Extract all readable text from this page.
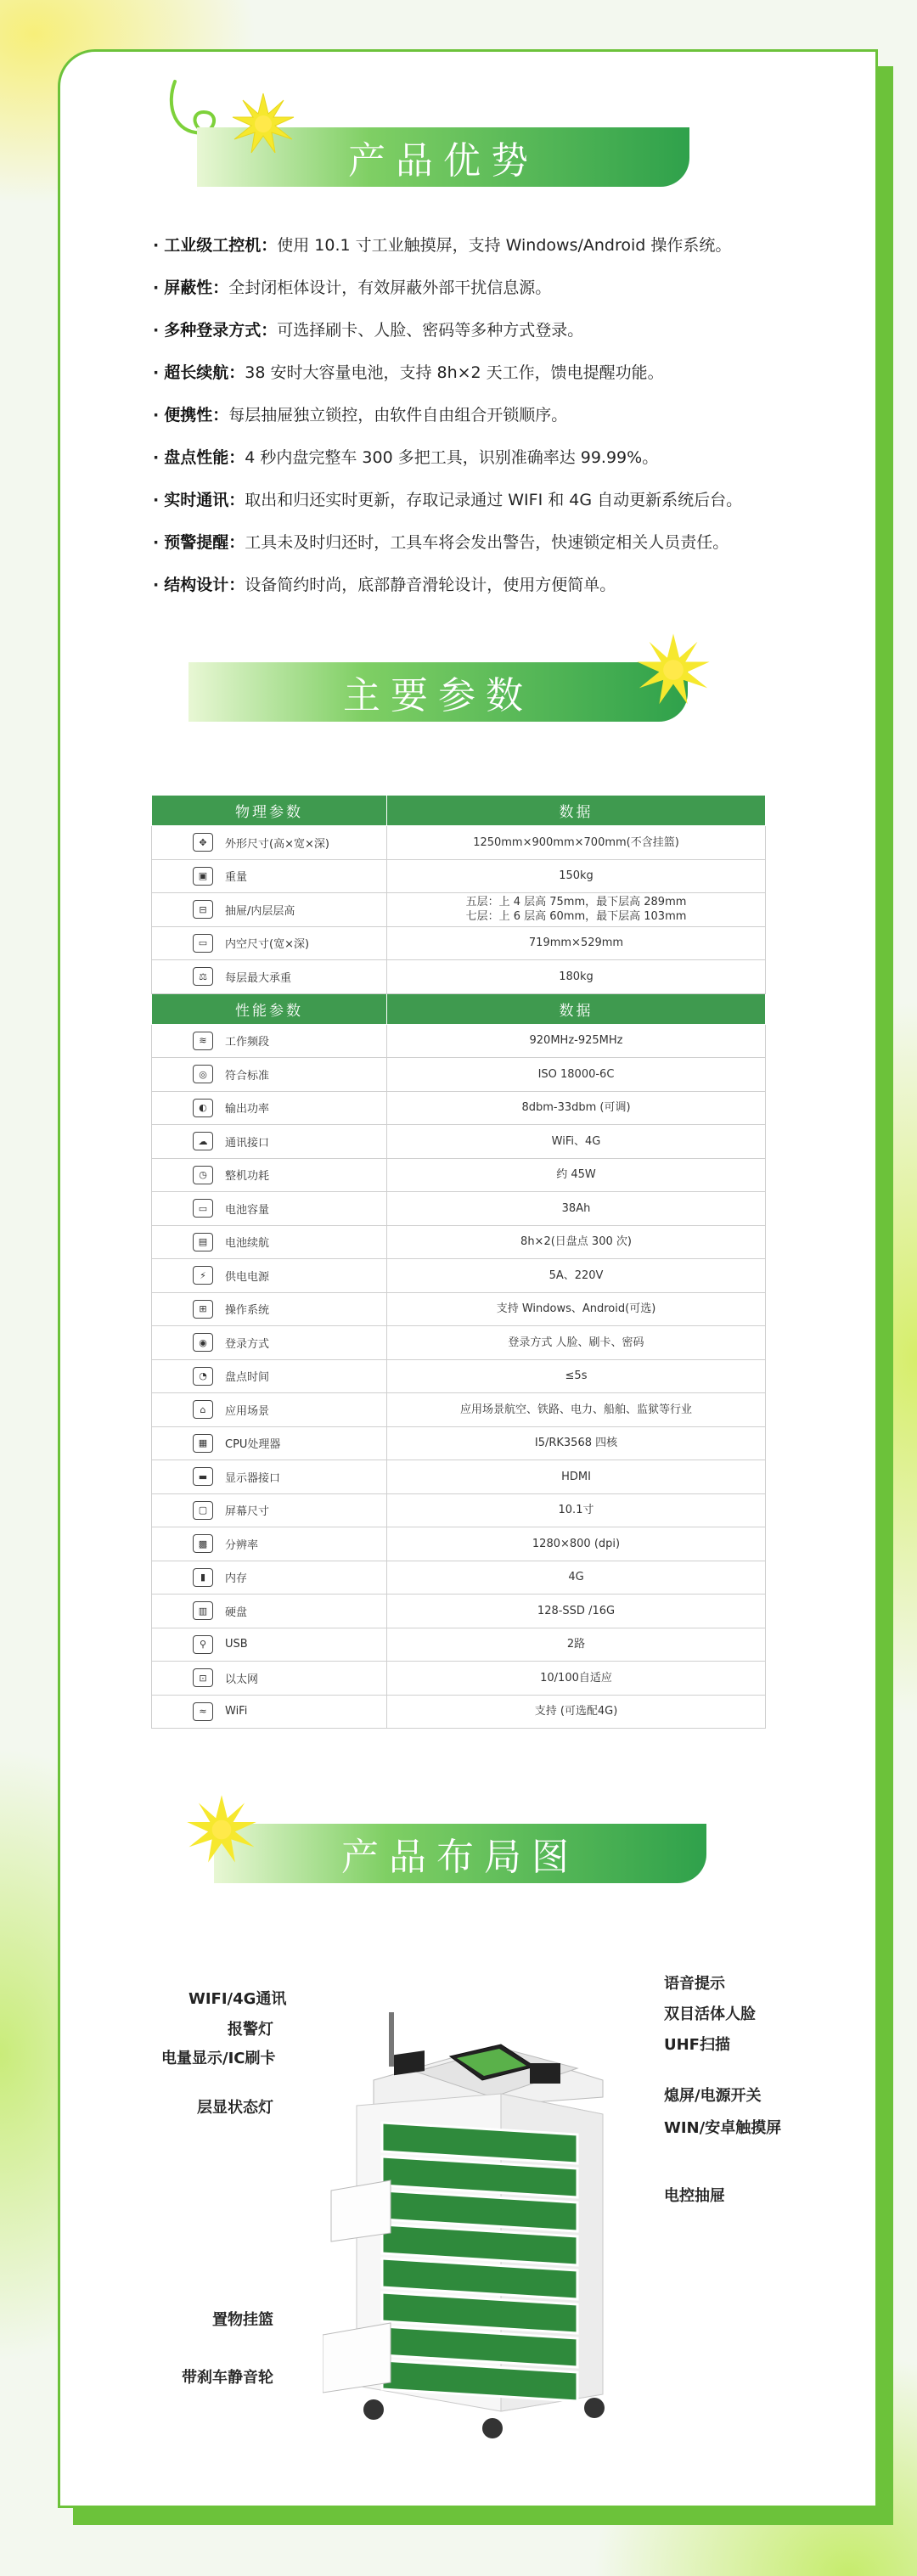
产品优势
· 工业级工控机： 使用 10.1 寸工业触摸屏，支持 Windows/Android 操作系统。
· 屏蔽性： 全封闭柜体设计，有效屏蔽外部干扰信息源。
· 多种登录方式： 可选择刷卡、人脸、密码等多种方式登录。
· 超长续航： 38 安时大容量电池，支持 8h×2 天工作，馈电提醒功能。
· 便携性： 每层抽屉独立锁控，由软件自由组合开锁顺序。
· 盘点性能： 4 秒内盘完整车 300 多把工具，识别准确率达 99.99%。
· 实时通讯： 取出和归还实时更新，存取记录通过 WIFI 和 4G 自动更新系统后台。
· 预警提醒： 工具未及时归还时，工具车将会发出警告，快速锁定相关人员责任。
· 结构设计： 设备简约时尚，底部静音滑轮设计，使用方便简单。
主要参数
物理参数	数据

✥ 外形尺寸(高×宽×深)	1250mm×900mm×700mm(不含挂篮)

▣ 重量	150kg

⊟ 抽屉/内层层高	五层：上 4 层高 75mm，最下层高 289mm
七层：上 6 层高 60mm，最下层高 103mm

▭ 内空尺寸(宽×深)	719mm×529mm

⚖ 每层最大承重	180kg
性能参数	数据

≋ 工作频段	920MHz-925MHz

◎ 符合标准	ISO 18000-6C

◐ 输出功率	8dbm-33dbm (可调)

☁ 通讯接口	WiFi、4G

◷ 整机功耗	约 45W

▭ 电池容量	38Ah

▤ 电池续航	8h×2(日盘点 300 次)

⚡ 供电电源	5A、220V

⊞ 操作系统	支持 Windows、Android(可选)

◉ 登录方式	登录方式 人脸、刷卡、密码

◔ 盘点时间	≤5s

⌂ 应用场景	应用场景航空、铁路、电力、船舶、监狱等行业

▦ CPU处理器	I5/RK3568 四核

▬ 显示器接口	HDMI

▢ 屏幕尺寸	10.1寸

▩ 分辨率	1280×800 (dpi)

▮ 内存	4G

▥ 硬盘	128-SSD /16G

⚲ USB	2路

⊡ 以太网	10/100自适应

≈ WiFi	支持 (可选配4G)
产品布局图
WIFI/4G通讯
报警灯
电量显示/IC刷卡
层显状态灯
置物挂篮
带刹车静音轮
语音提示
双目活体人脸
UHF扫描
熄屏/电源开关
WIN/安卓触摸屏
电控抽屉
